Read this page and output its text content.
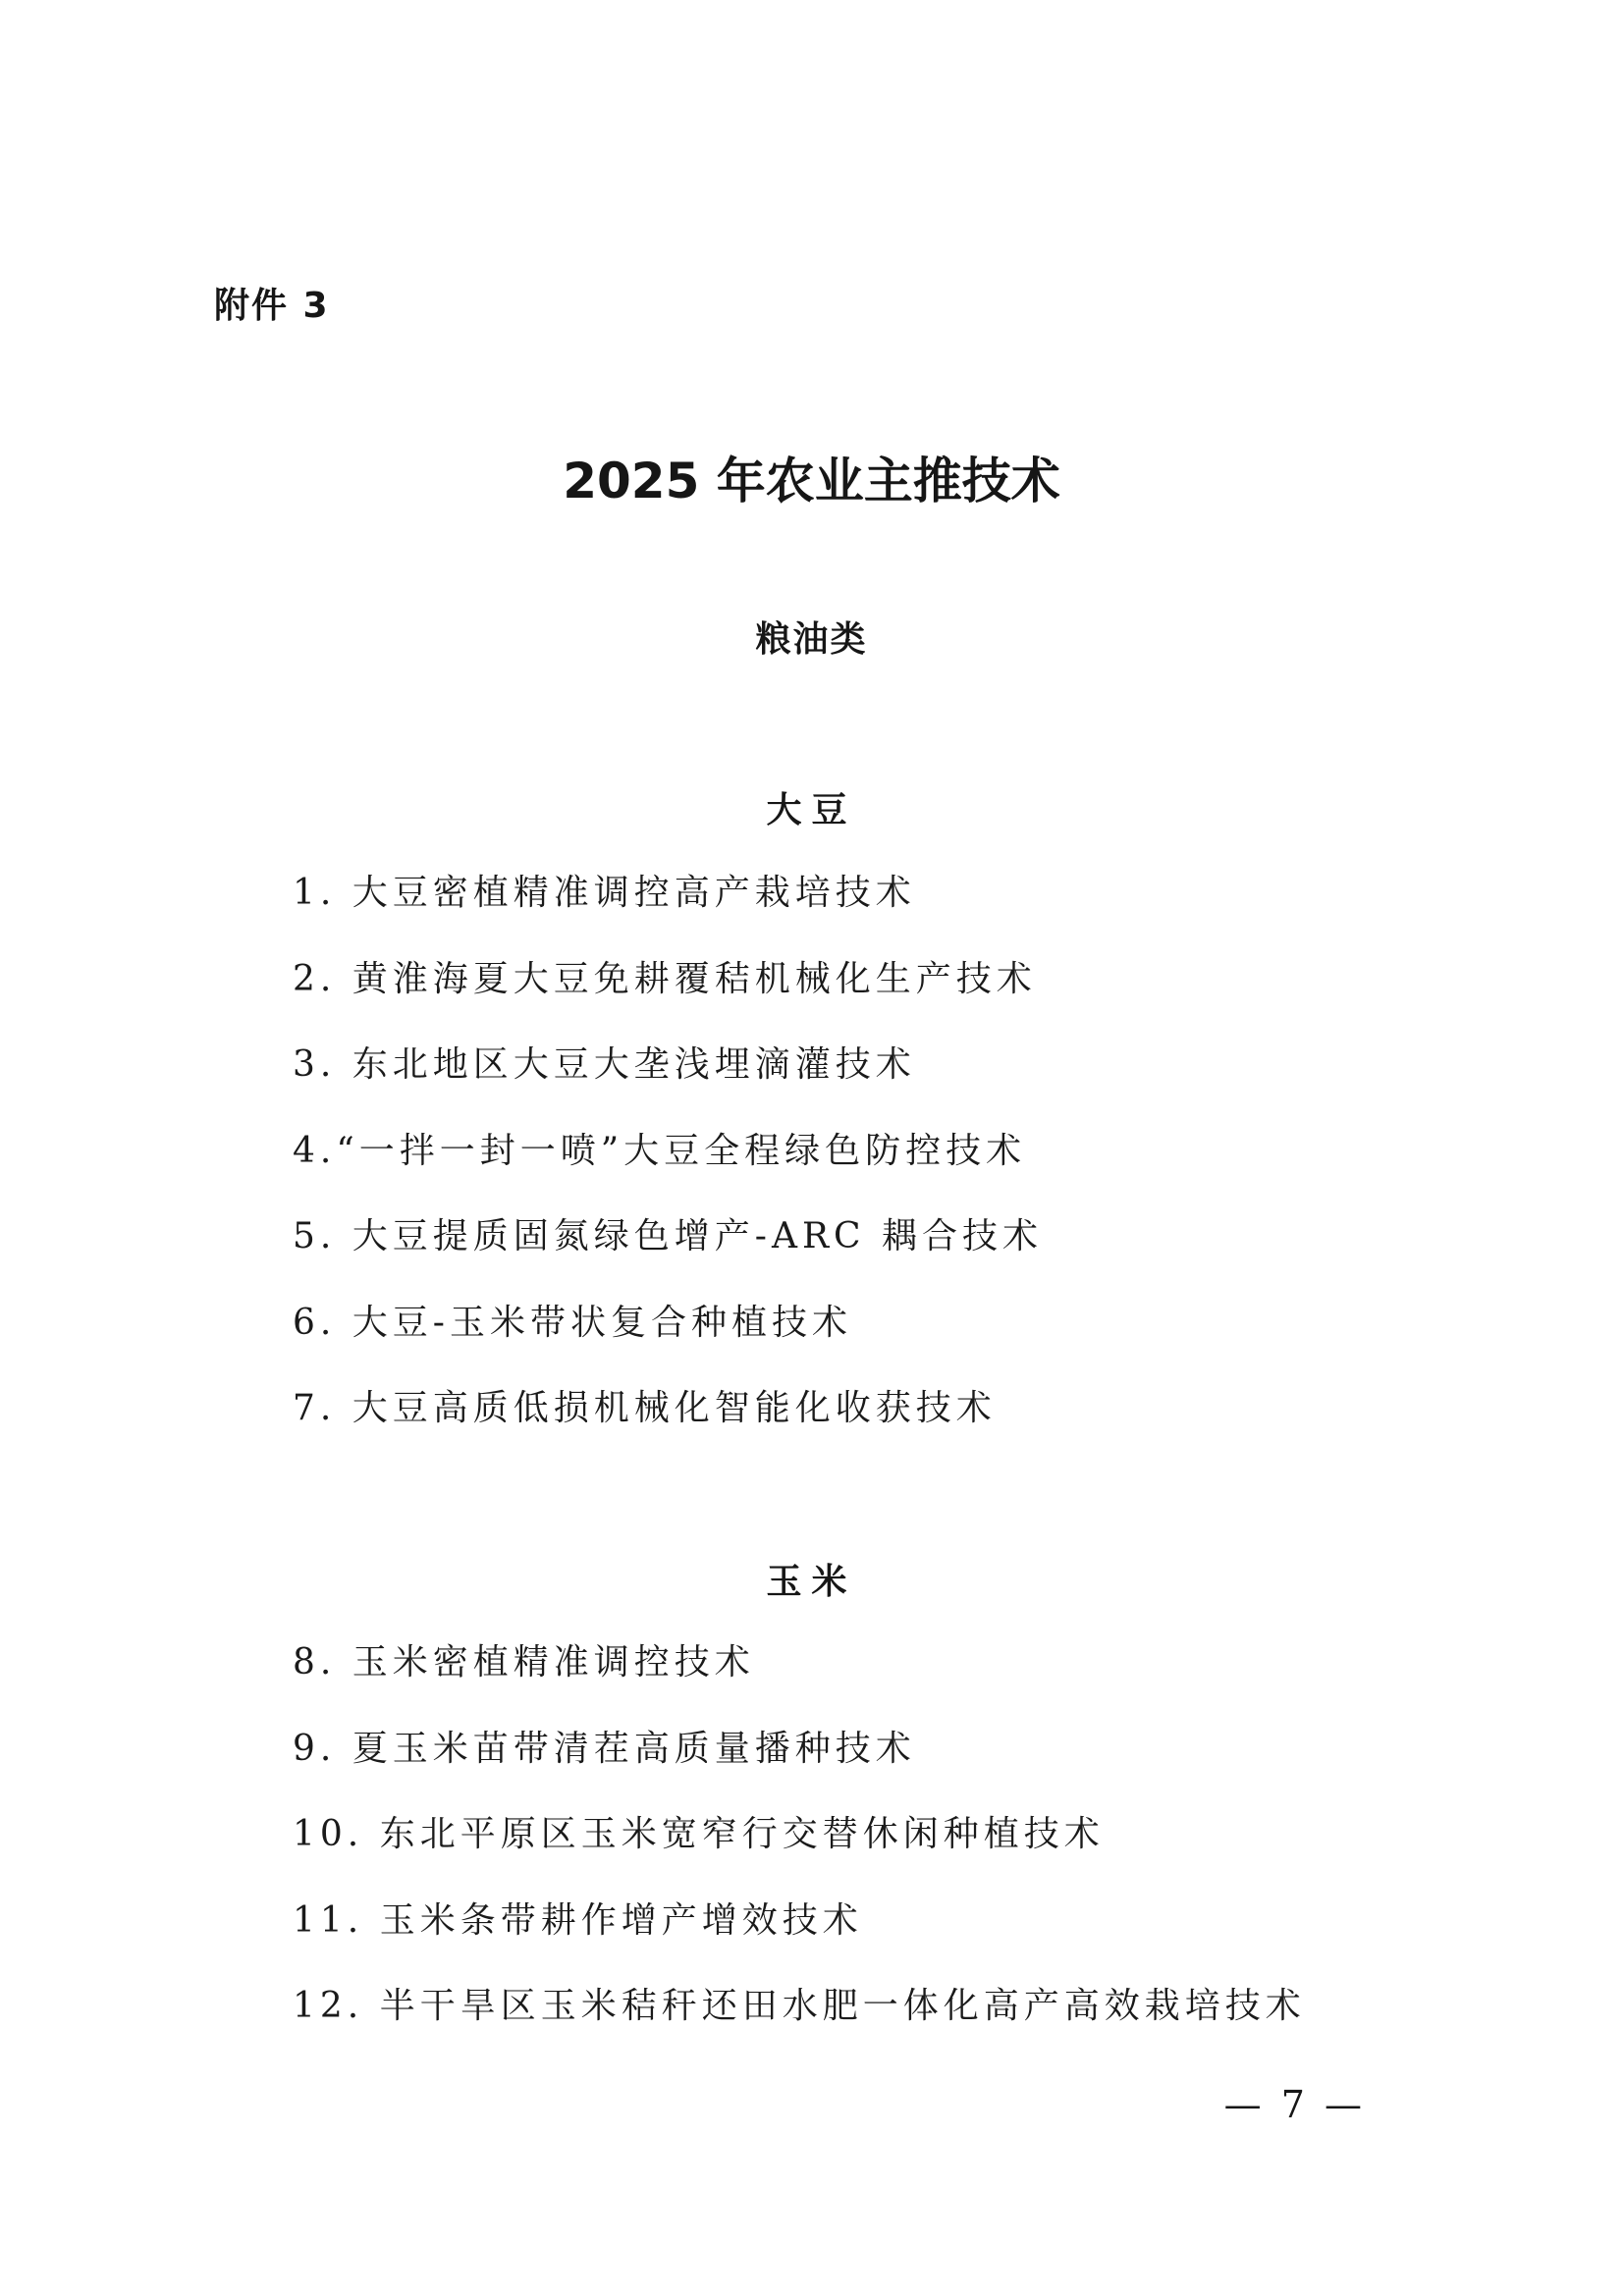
附件 3
2025 年农业主推技术
粮油类
大豆
1. 大豆密植精准调控高产栽培技术
2. 黄淮海夏大豆免耕覆秸机械化生产技术
3. 东北地区大豆大垄浅埋滴灌技术
4.“一拌一封一喷”大豆全程绿色防控技术
5. 大豆提质固氮绿色增产-ARC 耦合技术
6. 大豆-玉米带状复合种植技术
7. 大豆高质低损机械化智能化收获技术
玉米
8. 玉米密植精准调控技术
9. 夏玉米苗带清茬高质量播种技术
10. 东北平原区玉米宽窄行交替休闲种植技术
11. 玉米条带耕作增产增效技术
12. 半干旱区玉米秸秆还田水肥一体化高产高效栽培技术
— 7 —
